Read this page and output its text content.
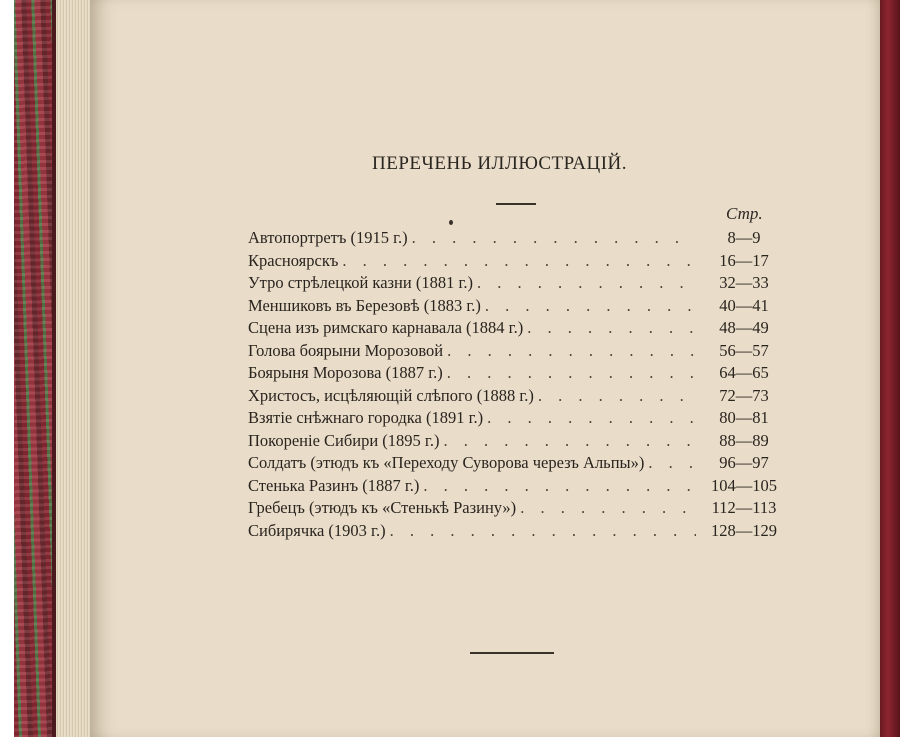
ПЕРЕЧЕНЬ ИЛЛЮСТРАЦІЙ.
Стр.
Автопортретъ (1915 г.) . . .	8—9
Красноярскъ . . .	16—17
Утро стрѣлецкой казни (1881 г.) . . .	32—33
Меншиковъ въ Березовѣ (1883 г.) . . .	40—41
Сцена изъ римскаго карнавала (1884 г.) . . .	48—49
Голова боярыни Морозовой . . .	56—57
Боярыня Морозова (1887 г.) . . .	64—65
Христосъ, исцѣляющій слѣпого (1888 г.) . . .	72—73
Взятіе снѣжнаго городка (1891 г.) . . .	80—81
Покореніе Сибири (1895 г.) . . .	88—89
Солдатъ (этюдъ къ «Переходу Суворова черезъ Альпы») . . .	96—97
Стенька Разинъ (1887 г.) . . .	104—105
Гребецъ (этюдъ къ «Стенькѣ Разину») . . .	112—113
Сибирячка (1903 г.) . . .	128—129
